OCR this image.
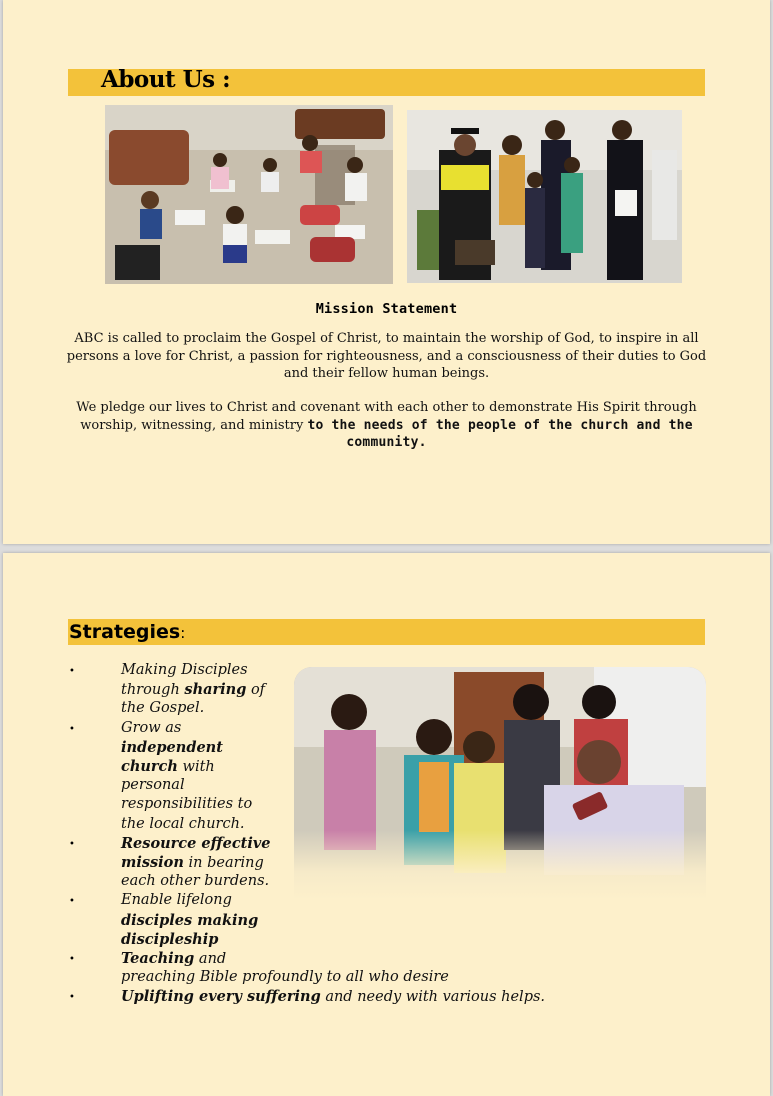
About Us :
Mission Statement
ABC is called to proclaim the Gospel of Christ, to maintain the worship of God, to inspire in all persons a love for Christ, a passion for righteousness, and a consciousness of their duties to God and their fellow human beings.
We pledge our lives to Christ and covenant with each other to demonstrate His Spirit through worship, witnessing, and ministry to the needs of the people of the church and the community.
Strategies:
•	Making Disciples
through sharing of
the Gospel.
•	Grow as
independent
church with
personal
responsibilities to
the local church.
•	Resource effective
mission in bearing
each other burdens.
•	Enable lifelong
disciples making
discipleship
•	Teaching and
preaching Bible profoundly to all who desire
•	Uplifting every suffering and needy with various helps.
